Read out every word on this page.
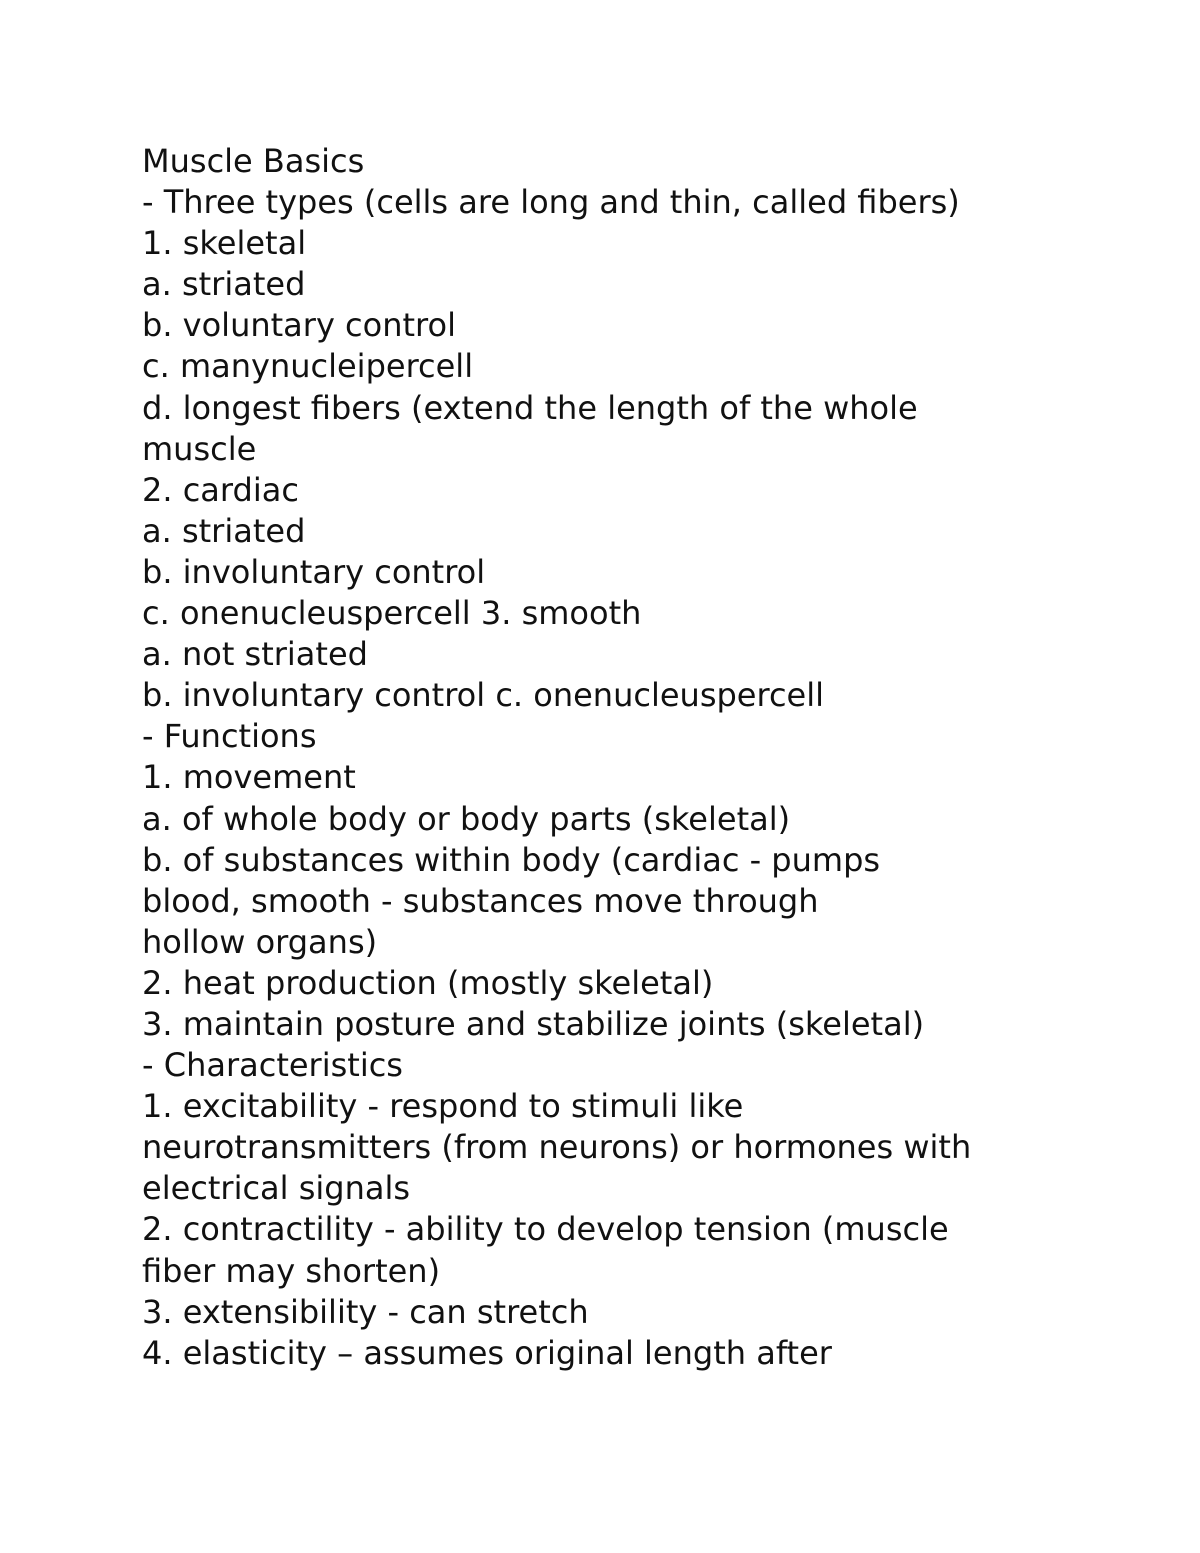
Muscle Basics
- Three types (cells are long and thin, called fibers)
1. skeletal
a. striated
b. voluntary control
c. manynucleipercell
d. longest fibers (extend the length of the whole
muscle
2. cardiac
a. striated
b. involuntary control
c. onenucleuspercell 3. smooth
a. not striated
b. involuntary control c. onenucleuspercell
- Functions
1. movement
a. of whole body or body parts (skeletal)
b. of substances within body (cardiac - pumps
blood, smooth - substances move through
hollow organs)
2. heat production (mostly skeletal)
3. maintain posture and stabilize joints (skeletal)
- Characteristics
1. excitability - respond to stimuli like
neurotransmitters (from neurons) or hormones with
electrical signals
2. contractility - ability to develop tension (muscle
fiber may shorten)
3. extensibility - can stretch
4. elasticity – assumes original length after
